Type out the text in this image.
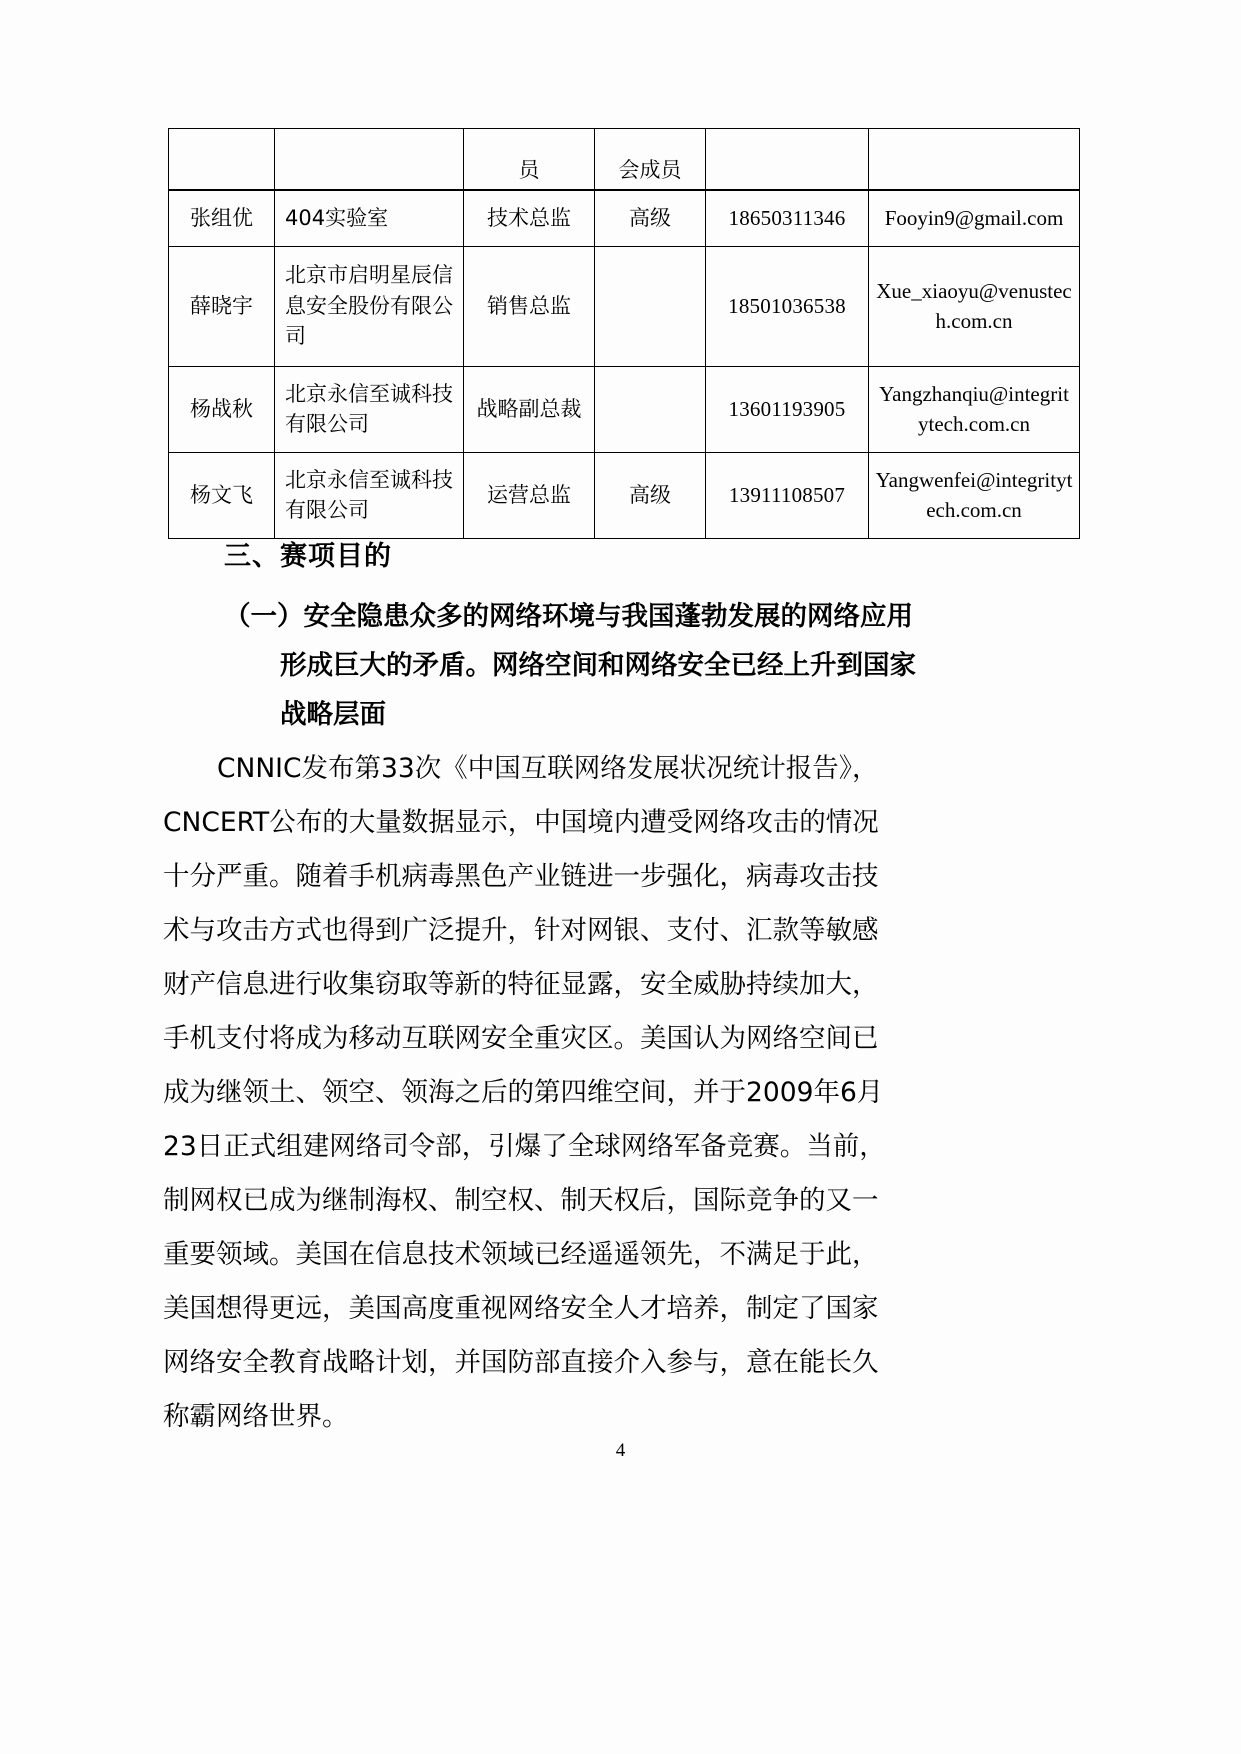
		员	会成员		
张组优	404实验室	技术总监	高级	18650311346	Fooyin9@gmail.com
薛晓宇	北京市启明星辰信息安全股份有限公司	销售总监		18501036538	Xue_xiaoyu@venustech.com.cn
杨战秋	北京永信至诚科技有限公司	战略副总裁		13601193905	Yangzhanqiu@integritytech.com.cn
杨文飞	北京永信至诚科技有限公司	运营总监	高级	13911108507	Yangwenfei@integritytech.com.cn
三、赛项目的
（一）安全隐患众多的网络环境与我国蓬勃发展的网络应用
形成巨大的矛盾。网络空间和网络安全已经上升到国家
战略层面
CNNIC发布第33次《中国互联网络发展状况统计报告》，
CNCERT公布的大量数据显示，中国境内遭受网络攻击的情况
十分严重。随着手机病毒黑色产业链进一步强化，病毒攻击技
术与攻击方式也得到广泛提升，针对网银、支付、汇款等敏感
财产信息进行收集窃取等新的特征显露，安全威胁持续加大，
手机支付将成为移动互联网安全重灾区。美国认为网络空间已
成为继领土、领空、领海之后的第四维空间，并于2009年6月
23日正式组建网络司令部，引爆了全球网络军备竞赛。当前，
制网权已成为继制海权、制空权、制天权后，国际竞争的又一
重要领域。美国在信息技术领域已经遥遥领先，不满足于此，
美国想得更远，美国高度重视网络安全人才培养，制定了国家
网络安全教育战略计划，并国防部直接介入参与，意在能长久
称霸网络世界。
4
